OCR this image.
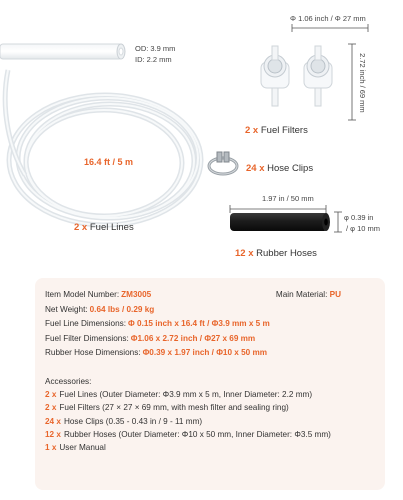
OD: 3.9 mm
ID: 2.2 mm
16.4 ft / 5 m
2 x Fuel Lines
Φ 1.06 inch / Φ 27 mm
2.72 inch / 69 mm
2 x Fuel Filters
24 x Hose Clips
1.97 in / 50 mm
φ 0.39 in
/ φ 10 mm
12 x Rubber Hoses
Item Model Number: ZM3005	Main Material: PU
Net Weight: 0.64 lbs / 0.29 kg
Fuel Line Dimensions: Φ 0.15 inch x 16.4 ft / Φ3.9 mm x 5 m
Fuel Filter Dimensions: Φ1.06 x 2.72 inch / Φ27 x 69 mm
Rubber Hose Dimensions: Φ0.39 x 1.97 inch / Φ10 x 50 mm
Accessories:
2 x Fuel Lines (Outer Diameter: Φ3.9 mm x 5 m, Inner Diameter: 2.2 mm)
2 x Fuel Filters (27 × 27 × 69 mm, with mesh filter and sealing ring)
24 x Hose Clips (0.35 - 0.43 in / 9 - 11 mm)
12 x Rubber Hoses (Outer Diameter: Φ10 x 50 mm, Inner Diameter: Φ3.5 mm)
1 x User Manual
